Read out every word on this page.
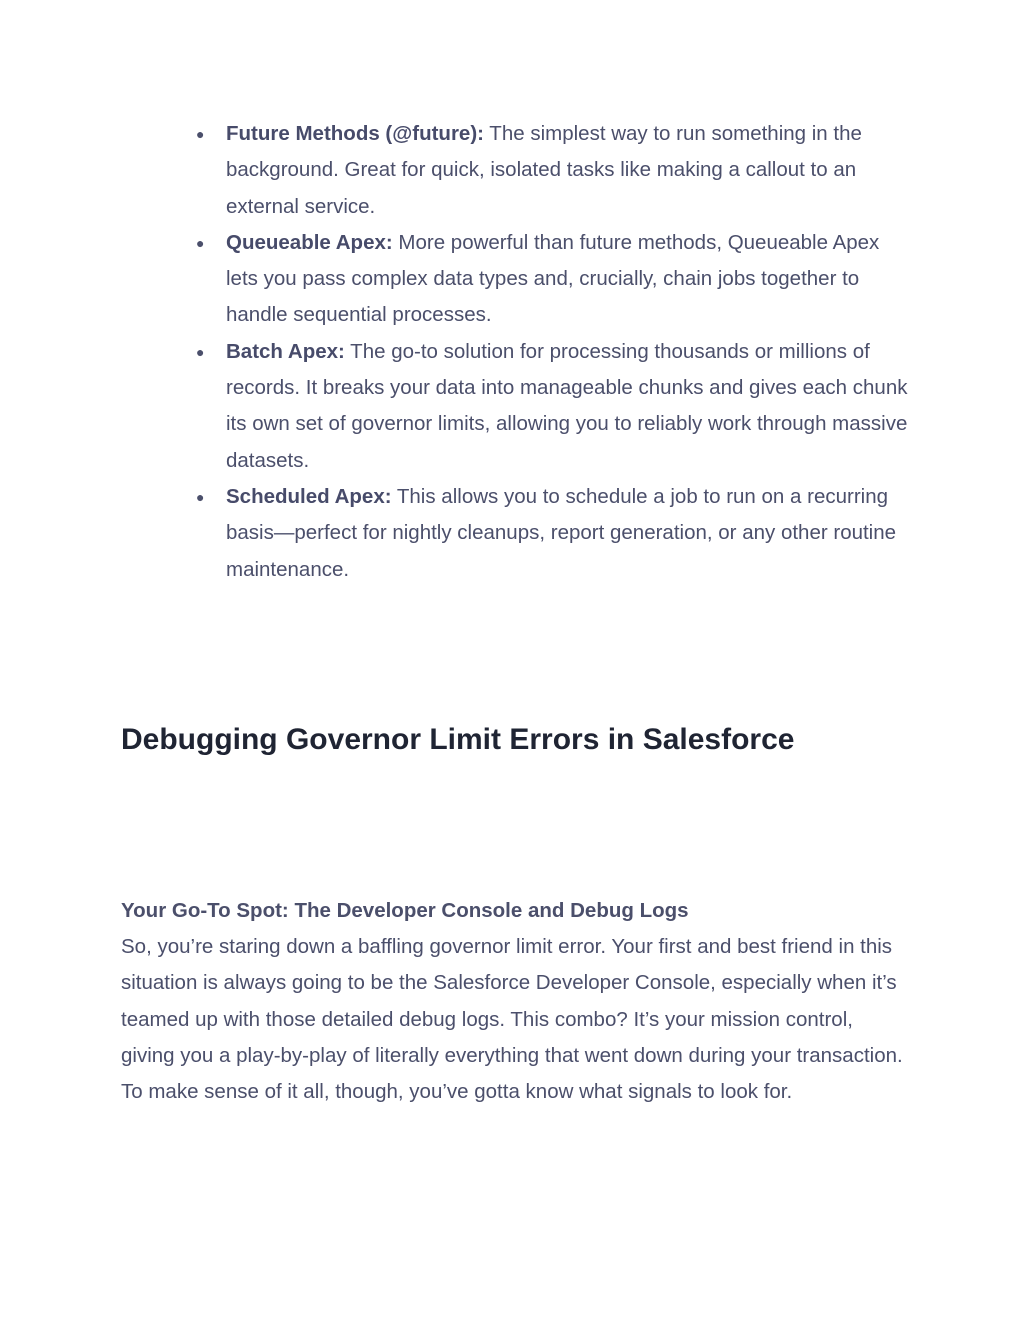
● Future Methods (@future): The simplest way to run something in the background. Great for quick, isolated tasks like making a callout to an external service.
● Queueable Apex: More powerful than future methods, Queueable Apex lets you pass complex data types and, crucially, chain jobs together to handle sequential processes.
● Batch Apex: The go-to solution for processing thousands or millions of records. It breaks your data into manageable chunks and gives each chunk its own set of governor limits, allowing you to reliably work through massive datasets.
● Scheduled Apex: This allows you to schedule a job to run on a recurring basis—perfect for nightly cleanups, report generation, or any other routine maintenance.
Debugging Governor Limit Errors in Salesforce
Your Go-To Spot: The Developer Console and Debug Logs

So, you’re staring down a baffling governor limit error. Your first and best friend in this situation is always going to be the Salesforce Developer Console, especially when it’s teamed up with those detailed debug logs. This combo? It’s your mission control, giving you a play-by-play of literally everything that went down during your transaction. To make sense of it all, though, you’ve gotta know what signals to look for.
